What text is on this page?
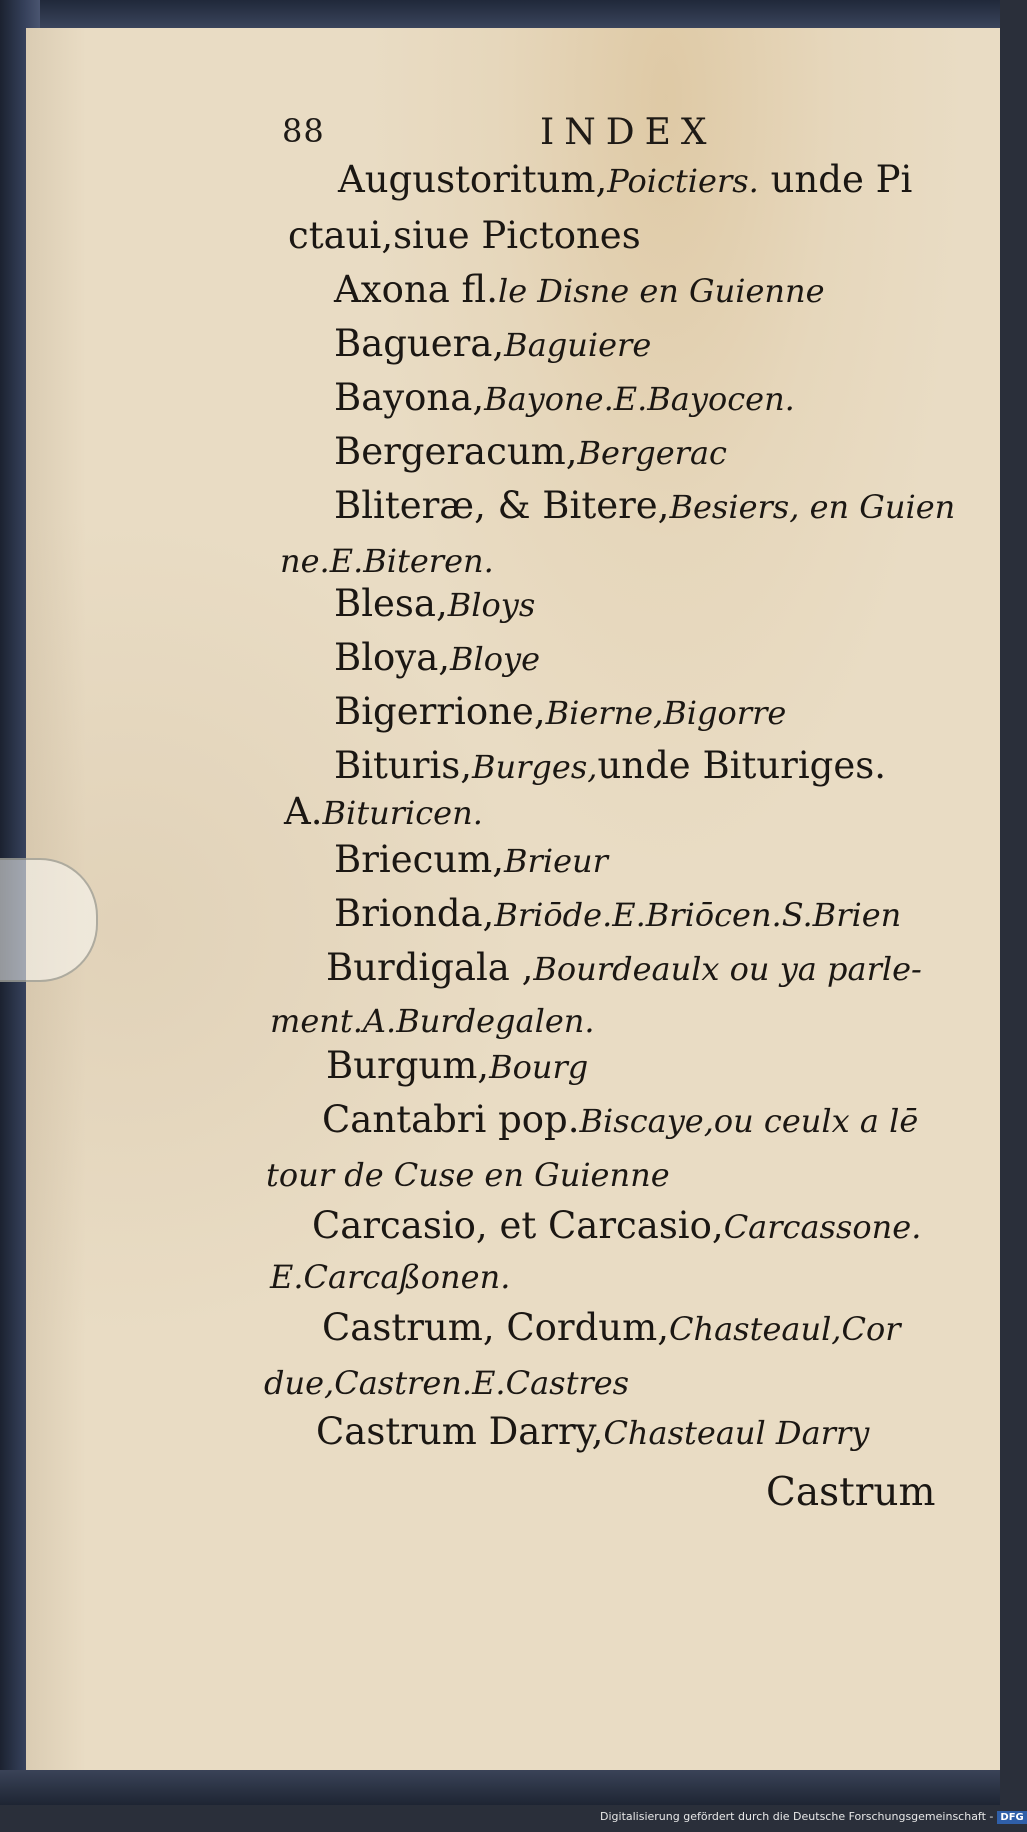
88	INDEX
Augustoritum,Poictiers. unde Pi
ctaui,siue Pictones
Axona fl.le Disne en Guienne
Baguera,Baguiere
Bayona,Bayone.E.Bayocen.
Bergeracum,Bergerac
Bliteræ, & Bitere,Besiers, en Guien
ne.E.Biteren.
Blesa,Bloys
Bloya,Bloye
Bigerrione,Bierne,Bigorre
Bituris,Burges,unde Bituriges.
A.Bituricen.
Briecum,Brieur
Brionda,Briōde.E.Briōcen.S.Brien
Burdigala ,Bourdeaulx ou ya parle-
ment.A.Burdegalen.
Burgum,Bourg
Cantabri pop.Biscaye,ou ceulx a lē
tour de Cuse en Guienne
Carcasio, et Carcasio,Carcassone.
E.Carcaßonen.
Castrum, Cordum,Chasteaul,Cor
due,Castren.E.Castres
Castrum Darry,Chasteaul Darry
Castrum
Digitalisierung gefördert durch die Deutsche Forschungsgemeinschaft - DFG
